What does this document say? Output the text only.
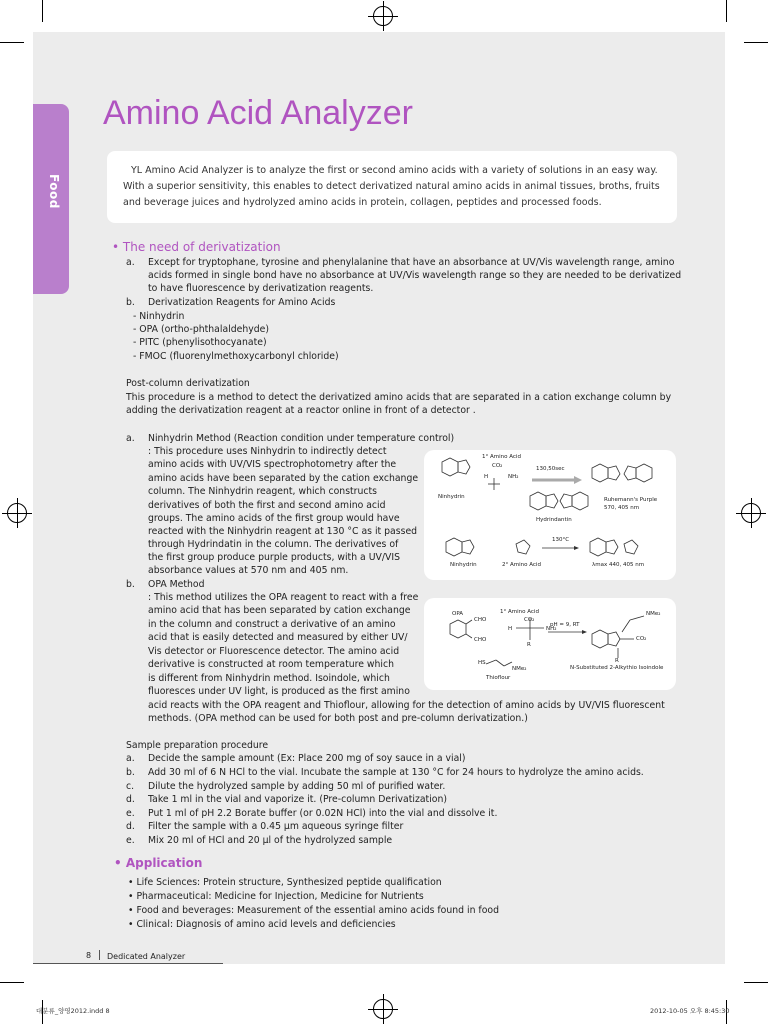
Food
Amino Acid Analyzer
YL Amino Acid Analyzer is to analyze the first or second amino acids with a variety of solutions in an easy way. With a superior sensitivity, this enables to detect derivatized natural amino acids in animal tissues, broths, fruits and beverage juices and hydrolyzed amino acids in protein, collagen, peptides and processed foods.
• The need of derivatization
a. Except for tryptophane, tyrosine and phenylalanine that have an absorbance at UV/Vis wavelength range, amino
acids formed in single bond have no absorbance at UV/Vis wavelength range so they are needed to be derivatized
to have fluorescence by derivatization reagents.
b. Derivatization Reagents for Amino Acids
- Ninhydrin
- OPA (ortho-phthalaldehyde)
- PITC (phenylisothocyanate)
- FMOC (fluorenylmethoxycarbonyl chloride)
Post-column derivatization
This procedure is a method to detect the derivatized amino acids that are separated in a cation exchange column by
adding the derivatization reagent at a reactor online in front of a detector .
a. Ninhydrin Method (Reaction condition under temperature control)
: This procedure uses Ninhydrin to indirectly detect
amino acids with UV/VIS spectrophotometry after the
amino acids have been separated by the cation exchange
column. The Ninhydrin reagent, which constructs
derivatives of both the first and second amino acid
groups. The amino acids of the first group would have
reacted with the Ninhydrin reagent at 130 °C as it passed
through Hydrindatin in the column. The derivatives of
the first group produce purple products, with a UV/VIS
absorbance values at 570 nm and 405 nm.
1° Amino Acid
CO₂
H	NH₂
130,50sec
Ninhydrin
Hydrindantin
Ruhemann's Purple
570, 405 nm
130°C
Ninhydrin	2° Amino Acid	λmax 440, 405 nm
b. OPA Method
: This method utilizes the OPA reagent to react with a free
amino acid that has been separated by cation exchange
in the column and construct a derivative of an amino
acid that is easily detected and measured by either UV/
Vis detector or Fluorescence detector. The amino acid
derivative is constructed at room temperature which
is different from Ninhydrin method. Isoindole, which
fluoresces under UV light, is produced as the first amino
acid reacts with the OPA reagent and Thioflour, allowing for the detection of amino acids by UV/VIS fluorescent
methods. (OPA method can be used for both post and pre-column derivatization.)
OPA
CHO
CHO
1° Amino Acid
CO₂
H	NH₂
R
pH = 9, RT
HS
NMe₂
Thioflour
NMe₂
CO₂
R
N-Substituted 2-Alkythio Isoindole
Sample preparation procedure
a. Decide the sample amount (Ex: Place 200 mg of soy sauce in a vial)
b. Add 30 ml of 6 N HCl to the vial. Incubate the sample at 130 °C for 24 hours to hydrolyze the amino acids.
c. Dilute the hydrolyzed sample by adding 50 ml of purified water.
d. Take 1 ml in the vial and vaporize it. (Pre-column Derivatization)
e. Put 1 ml of pH 2.2 Borate buffer (or 0.02N HCl) into the vial and dissolve it.
d. Filter the sample with a 0.45 μm aqueous syringe filter
e. Mix 20 ml of HCl and 20 μl of the hydrolyzed sample
• Application
• Life Sciences: Protein structure, Synthesized peptide qualification
• Pharmaceutical: Medicine for Injection, Medicine for Nutrients
• Food and beverages: Measurement of the essential amino acids found in food
• Clinical: Diagnosis of amino acid levels and deficiencies
8 Dedicated Analyzer
대분류_양영2012.indd 8	2012-10-05 오후 8:45:30
